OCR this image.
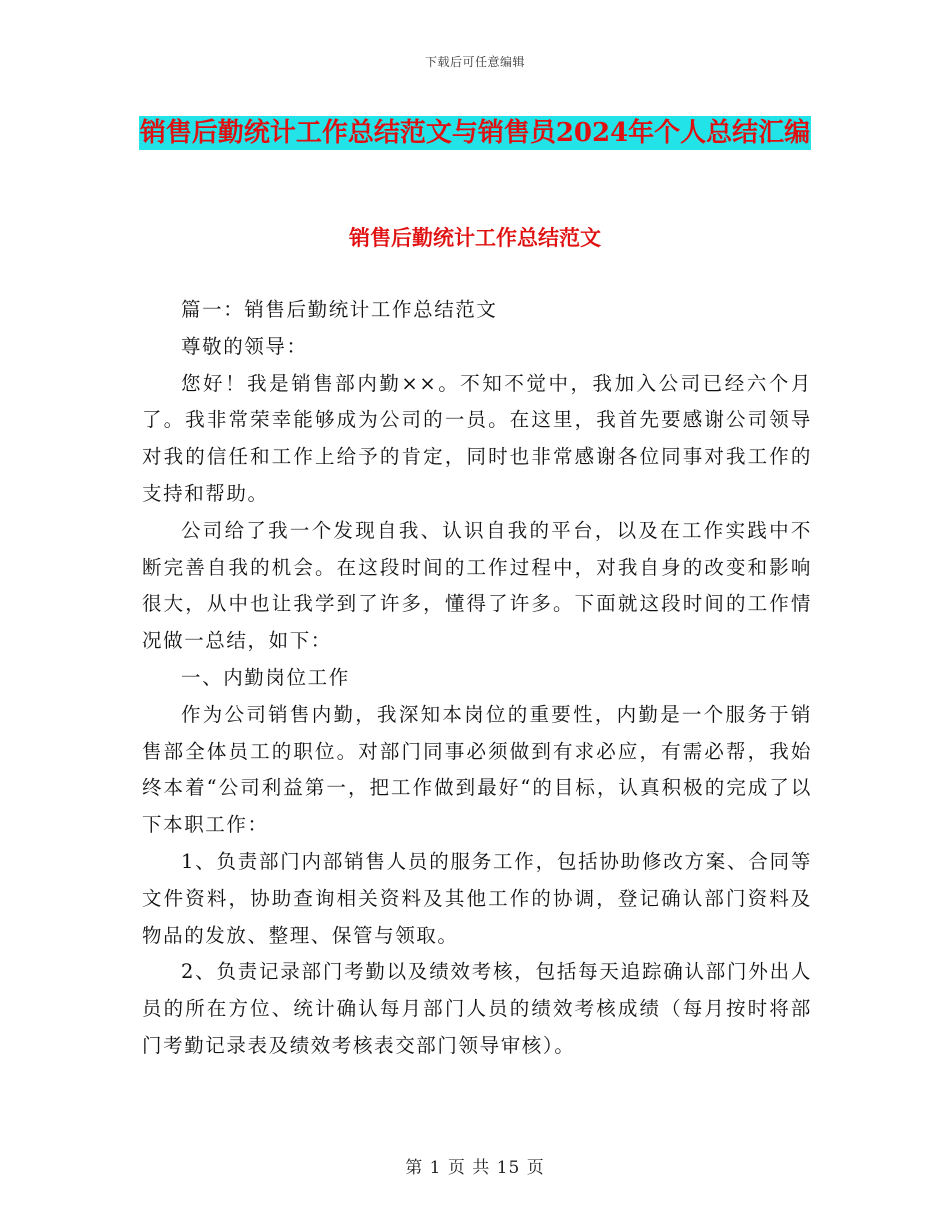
下载后可任意编辑
销售后勤统计工作总结范文与销售员2024年个人总结汇编
销售后勤统计工作总结范文

篇一：销售后勤统计工作总结范文

尊敬的领导：

您好！我是销售部内勤××。不知不觉中，我加入公司已经六个月了。我非常荣幸能够成为公司的一员。在这里，我首先要感谢公司领导对我的信任和工作上给予的肯定，同时也非常感谢各位同事对我工作的支持和帮助。

公司给了我一个发现自我、认识自我的平台，以及在工作实践中不断完善自我的机会。在这段时间的工作过程中，对我自身的改变和影响很大，从中也让我学到了许多，懂得了许多。下面就这段时间的工作情况做一总结，如下：

一、内勤岗位工作

作为公司销售内勤，我深知本岗位的重要性，内勤是一个服务于销售部全体员工的职位。对部门同事必须做到有求必应，有需必帮，我始终本着“公司利益第一，把工作做到最好“的目标，认真积极的完成了以下本职工作：

1、负责部门内部销售人员的服务工作，包括协助修改方案、合同等文件资料，协助查询相关资料及其他工作的协调，登记确认部门资料及物品的发放、整理、保管与领取。

2、负责记录部门考勤以及绩效考核，包括每天追踪确认部门外出人员的所在方位、统计确认每月部门人员的绩效考核成绩（每月按时将部门考勤记录表及绩效考核表交部门领导审核）。

第 1 页 共 15 页
